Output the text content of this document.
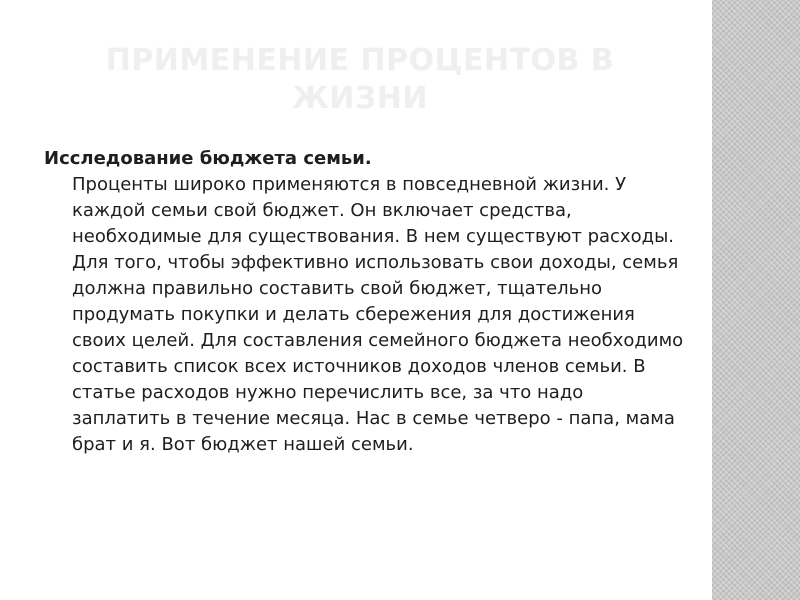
ПРИМЕНЕНИЕ ПРОЦЕНТОВ В ЖИЗНИ

Исследование бюджета семьи.

Проценты широко применяются в повседневной жизни. У каждой семьи свой бюджет. Он включает средства, необходимые для существования. В нем существуют расходы.

Для того, чтобы эффективно использовать свои доходы, семья должна правильно составить свой бюджет, тщательно продумать покупки и делать сбережения для достижения своих целей. Для составления семейного бюджета необходимо составить список всех источников доходов членов семьи. В статье расходов нужно перечислить все, за что надо заплатить в течение месяца. Нас в семье четверо - папа, мама брат и я. Вот бюджет нашей семьи.
